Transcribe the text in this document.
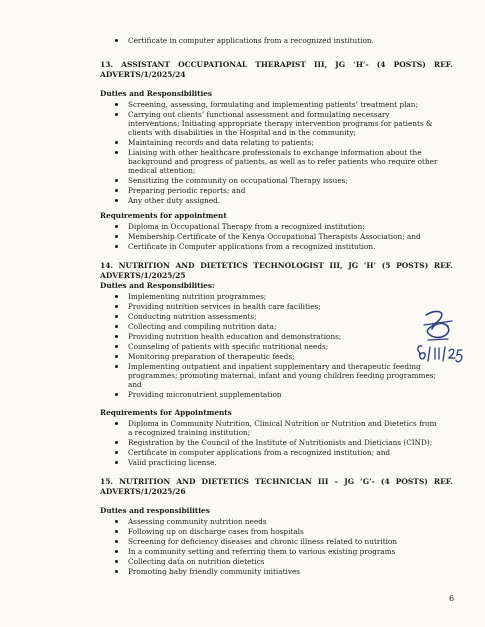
Certificate in computer applications from a recognized institution.
13. ASSISTANT OCCUPATIONAL THERAPIST III, JG ‘H’- (4 POSTS) REF.
ADVERTS/1/2025/24
Duties and Responsibilities
Screening, assessing, formulating and implementing patients’ treatment plan;
Carrying out clients’ functional assessment and formulating necessary
interventions; Initiating appropriate therapy intervention programs for patients &
clients with disabilities in the Hospital and in the community;
Maintaining records and data relating to patients;
Liaising with other healthcare professionals to exchange information about the
background and progress of patients, as well as to refer patients who require other
medical attention;
Sensitizing the community on occupational Therapy issues;
Preparing periodic reports; and
Any other duty assigned.
Requirements for appointment
Diploma in Occupational Therapy from a recognized institution;
Membership Certificate of the Kenya Occupational Therapists Association; and
Certificate in Computer applications from a recognized institution.
14. NUTRITION AND DIETETICS TECHNOLOGIST III, JG ‘H’ (5 POSTS) REF.
ADVERTS/1/2025/25
Duties and Responsibilities:
Implementing nutrition programmes;
Providing nutrition services in health care facilities;
Conducting nutrition assessments;
Collecting and compiling nutrition data;
Providing nutrition health education and demonstrations;
Counseling of patients with specific nutritional needs;
Monitoring preparation of therapeutic feeds;
Implementing outpatient and inpatient supplementary and therapeutic feeding
programmes; promoting maternal, infant and young children feeding programmes;
and
Providing micronutrient supplementation
Requirements for Appointments
Diploma in Community Nutrition, Clinical Nutrition or Nutrition and Dietetics from
a recognized training institution;
Registration by the Council of the Institute of Nutritionists and Dieticians (CIND);
Certificate in computer applications from a recognized institution; and
Valid practicing license.
15. NUTRITION AND DIETETICS TECHNICIAN III – JG ‘G’- (4 POSTS) REF.
ADVERTS/1/2025/26
Duties and responsibilities
Assessing community nutrition needs
Following up on discharge cases from hospitals
Screening for deficiency diseases and chronic illness related to nutrition
In a community setting and referring them to various existing programs
Collecting data on nutrition dietetics
Promoting baby friendly community initiatives
6
